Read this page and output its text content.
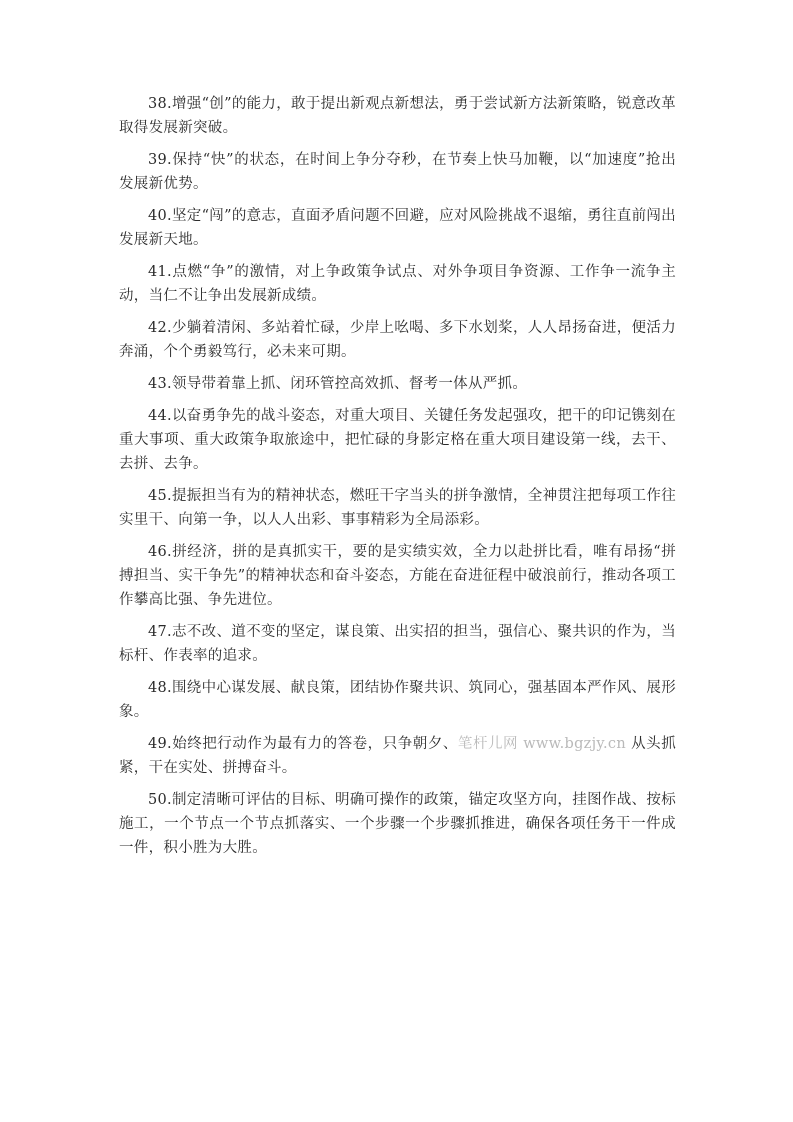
38.增强“创”的能力，敢于提出新观点新想法，勇于尝试新方法新策略，锐意改革取得发展新突破。

39.保持“快”的状态，在时间上争分夺秒，在节奏上快马加鞭，以“加速度”抢出发展新优势。

40.坚定“闯”的意志，直面矛盾问题不回避，应对风险挑战不退缩，勇往直前闯出发展新天地。

41.点燃“争”的激情，对上争政策争试点、对外争项目争资源、工作争一流争主动，当仁不让争出发展新成绩。

42.少躺着清闲、多站着忙碌，少岸上吆喝、多下水划桨，人人昂扬奋进，便活力奔涌，个个勇毅笃行，必未来可期。

43.领导带着靠上抓、闭环管控高效抓、督考一体从严抓。

44.以奋勇争先的战斗姿态，对重大项目、关键任务发起强攻，把干的印记镌刻在重大事项、重大政策争取旅途中，把忙碌的身影定格在重大项目建设第一线，去干、去拼、去争。

45.提振担当有为的精神状态，燃旺干字当头的拼争激情，全神贯注把每项工作往实里干、向第一争，以人人出彩、事事精彩为全局添彩。

46.拼经济，拼的是真抓实干，要的是实绩实效，全力以赴拼比看，唯有昂扬“拼搏担当、实干争先”的精神状态和奋斗姿态，方能在奋进征程中破浪前行，推动各项工作攀高比强、争先进位。

47.志不改、道不变的坚定，谋良策、出实招的担当，强信心、聚共识的作为，当标杆、作表率的追求。

48.围绕中心谋发展、献良策，团结协作聚共识、筑同心，强基固本严作风、展形象。

49.始终把行动作为最有力的答卷，只争朝夕、笔杆儿网 www.bgzjy.cn 从头抓紧，干在实处、拼搏奋斗。

50.制定清晰可评估的目标、明确可操作的政策，锚定攻坚方向，挂图作战、按标施工，一个节点一个节点抓落实、一个步骤一个步骤抓推进，确保各项任务干一件成一件，积小胜为大胜。
